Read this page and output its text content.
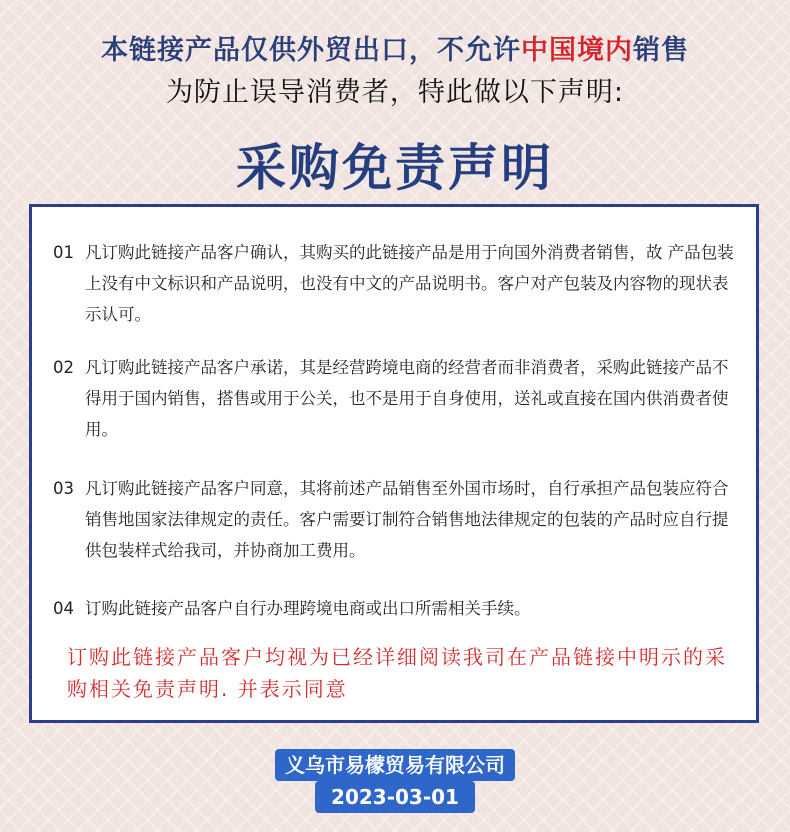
本链接产品仅供外贸出口，不允许中国境内销售
为防止误导消费者，特此做以下声明:
采购免责声明
01 凡订购此链接产品客户确认，其购买的此链接产品是用于向国外消费者销售，故 产品包装上没有中文标识和产品说明，也没有中文的产品说明书。客户对产包装及内容物的现状表示认可。
02 凡订购此链接产品客户承诺，其是经营跨境电商的经营者而非消费者，采购此链接产品不得用于国内销售，搭售或用于公关，也不是用于自身使用，送礼或直接在国内供消费者使用。
03 凡订购此链接产品客户同意，其将前述产品销售至外国市场时，自行承担产品包装应符合销售地国家法律规定的责任。客户需要订制符合销售地法律规定的包装的产品时应自行提供包装样式给我司，并协商加工费用。
04 订购此链接产品客户自行办理跨境电商或出口所需相关手续。
订购此链接产品客户均视为已经详细阅读我司在产品链接中明示的采购相关免责声明. 并表示同意
义乌市易檬贸易有限公司
2023-03-01
